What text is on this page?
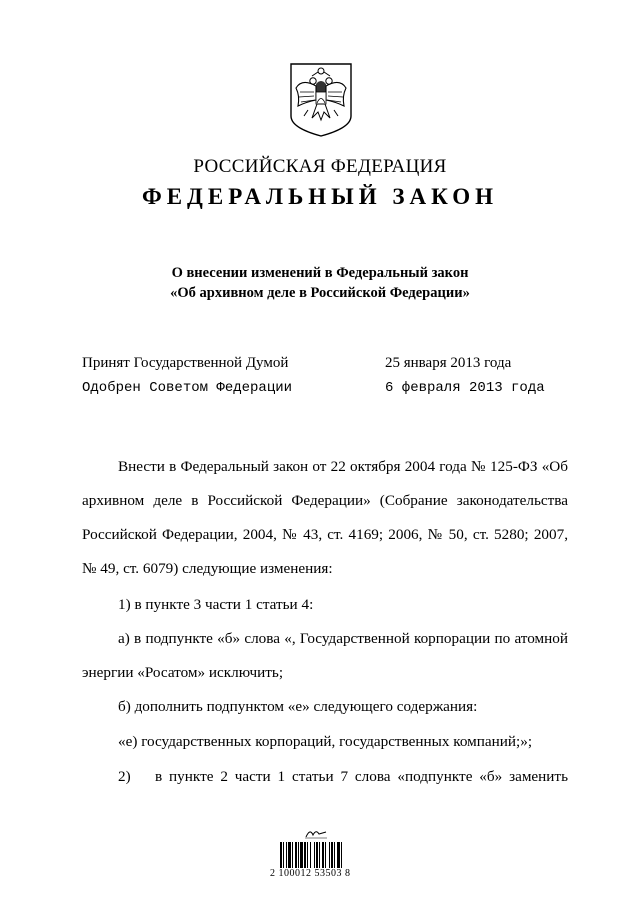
РОССИЙСКАЯ ФЕДЕРАЦИЯ
ФЕДЕРАЛЬНЫЙ ЗАКОН
О внесении изменений в Федеральный закон
«Об архивном деле в Российской Федерации»
Принят Государственной Думой	25 января 2013 года
Одобрен Советом Федерации	6 февраля 2013 года
Внести в Федеральный закон от 22 октября 2004 года № 125-ФЗ «Об
архивном деле в Российской Федерации» (Собрание законодательства
Российской Федерации, 2004, № 43, ст. 4169; 2006, № 50, ст. 5280; 2007,
№ 49, ст. 6079) следующие изменения:
1) в пункте 3 части 1 статьи 4:
а) в подпункте «б» слова «, Государственной корпорации по атомной
энергии «Росатом» исключить;
б) дополнить подпунктом «е» следующего содержания:
«е) государственных корпораций, государственных компаний;»;
2)	в пункте 2 части 1 статьи 7 слова «подпункте «б» заменить
2 100012 53503 8
